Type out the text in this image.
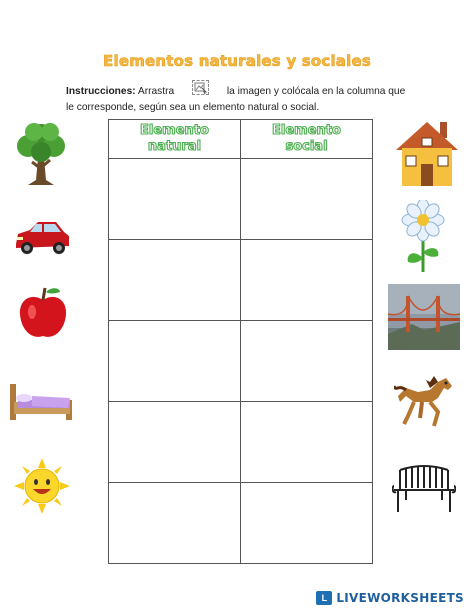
Elementos naturales y sociales
Instrucciones: Arrastra	la imagen y colócala en la columna que le corresponde, según sea un elemento natural o social.
Elemento
natural	Elemento
social

L LIVEWORKSHEETS
